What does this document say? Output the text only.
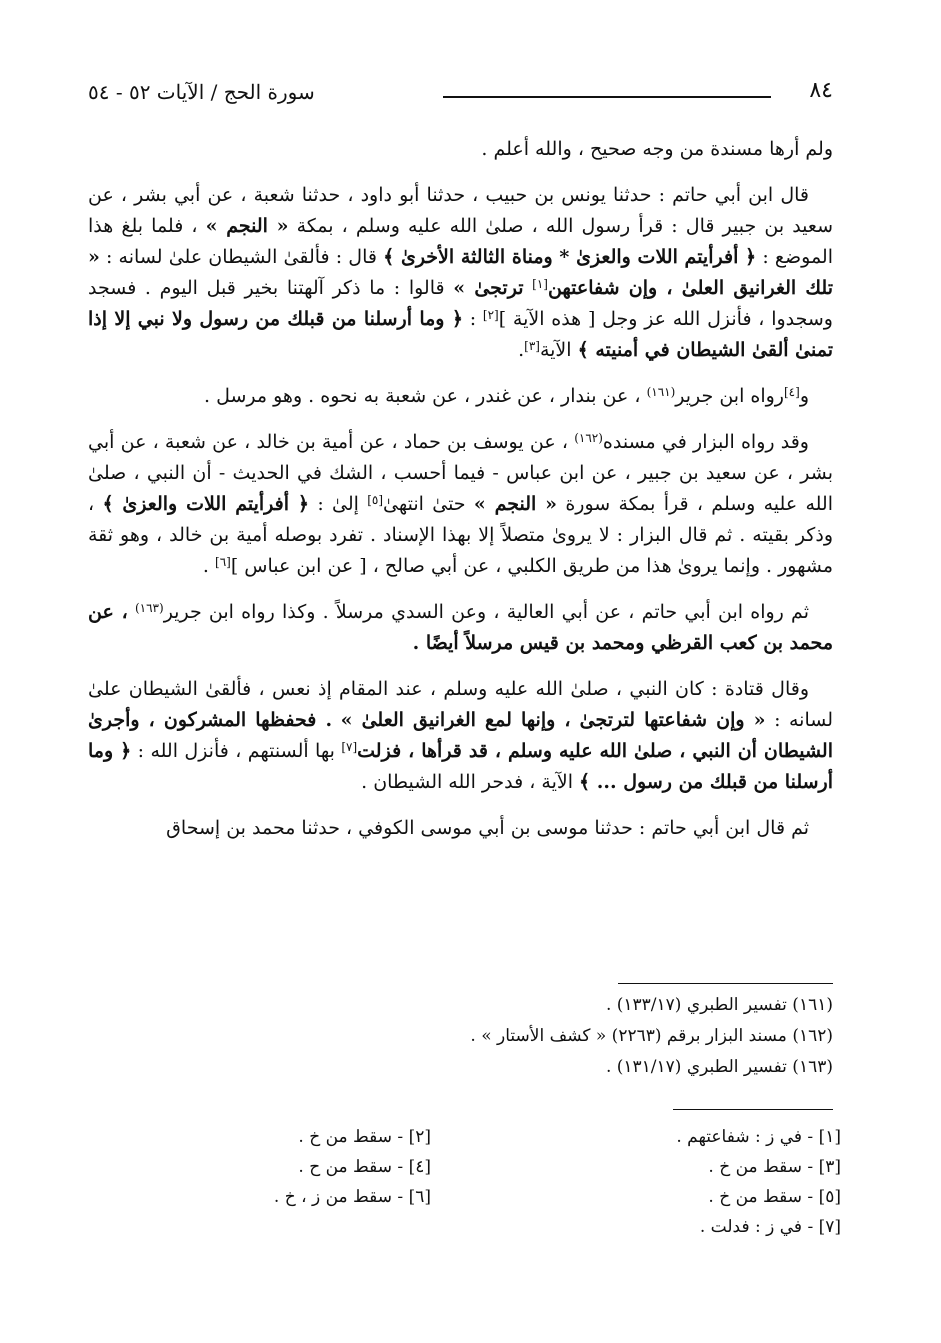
٨٤
سورة الحج / الآيات ٥٢ - ٥٤

ولم أرها مسندة من وجه صحيح ، والله أعلم .

قال ابن أبي حاتم : حدثنا يونس بن حبيب ، حدثنا أبو داود ، حدثنا شعبة ، عن أبي بشر ، عن سعيد بن جبير قال : قرأ رسول الله ، صلىٰ الله عليه وسلم ، بمكة « النجم » ، فلما بلغ هذا الموضع : ﴿ أفرأيتم اللات والعزىٰ * ومناة الثالثة الأخرىٰ ﴾ قال : فألقىٰ الشيطان علىٰ لسانه : « تلك الغرانيق العلىٰ ، وإن شفاعتهن[١] ترتجىٰ » قالوا : ما ذكر آلهتنا بخير قبل اليوم . فسجد وسجدوا ، فأنزل الله عز وجل [ هذه الآية ][٢] : ﴿ وما أرسلنا من قبلك من رسول ولا نبي إلا إذا تمنىٰ ألقىٰ الشيطان في أمنيته ﴾ الآية[٣].

و[٤]رواه ابن جرير$^{(١٦١)}$ ، عن بندار ، عن غندر ، عن شعبة به نحوه . وهو مرسل .

وقد رواه البزار في مسنده$^{(١٦٢)}$ ، عن يوسف بن حماد ، عن أمية بن خالد ، عن شعبة ، عن أبي بشر ، عن سعيد بن جبير ، عن ابن عباس - فيما أحسب ، الشك في الحديث - أن النبي ، صلىٰ الله عليه وسلم ، قرأ بمكة سورة « النجم » حتىٰ انتهىٰ[٥] إلىٰ : ﴿ أفرأيتم اللات والعزىٰ ﴾ ، وذكر بقيته . ثم قال البزار : لا يروىٰ متصلاً إلا بهذا الإسناد . تفرد بوصله أمية بن خالد ، وهو ثقة مشهور . وإنما يروىٰ هذا من طريق الكلبي ، عن أبي صالح ، [ عن ابن عباس ][٦] .

ثم رواه ابن أبي حاتم ، عن أبي العالية ، وعن السدي مرسلاً . وكذا رواه ابن جرير$^{(١٦٣)}$ ، عن محمد بن كعب القرظي ومحمد بن قيس مرسلاً أيضًا .

وقال قتادة : كان النبي ، صلىٰ الله عليه وسلم ، عند المقام إذ نعس ، فألقىٰ الشيطان علىٰ لسانه : « وإن شفاعتها لترتجىٰ ، وإنها لمع الغرانيق العلىٰ » . فحفظها المشركون ، وأجرىٰ الشيطان أن النبي ، صلىٰ الله عليه وسلم ، قد قرأها ، فزلت[٧] بها ألسنتهم ، فأنزل الله : ﴿ وما أرسلنا من قبلك من رسول ... ﴾ الآية ، فدحر الله الشيطان .

ثم قال ابن أبي حاتم : حدثنا موسى بن أبي موسى الكوفي ، حدثنا محمد بن إسحاق

(١٦١) تفسير الطبري (١٣٣/١٧) .
(١٦٢) مسند البزار برقم (٢٢٦٣) « كشف الأستار » .
(١٦٣) تفسير الطبري (١٣١/١٧) .
[١] - في ز : شفاعتهم .
[٣] - سقط من خ .
[٥] - سقط من خ .
[٧] - في ز : فدلت .
[٢] - سقط من خ .
[٤] - سقط من ح .
[٦] - سقط من ز ، خ .
